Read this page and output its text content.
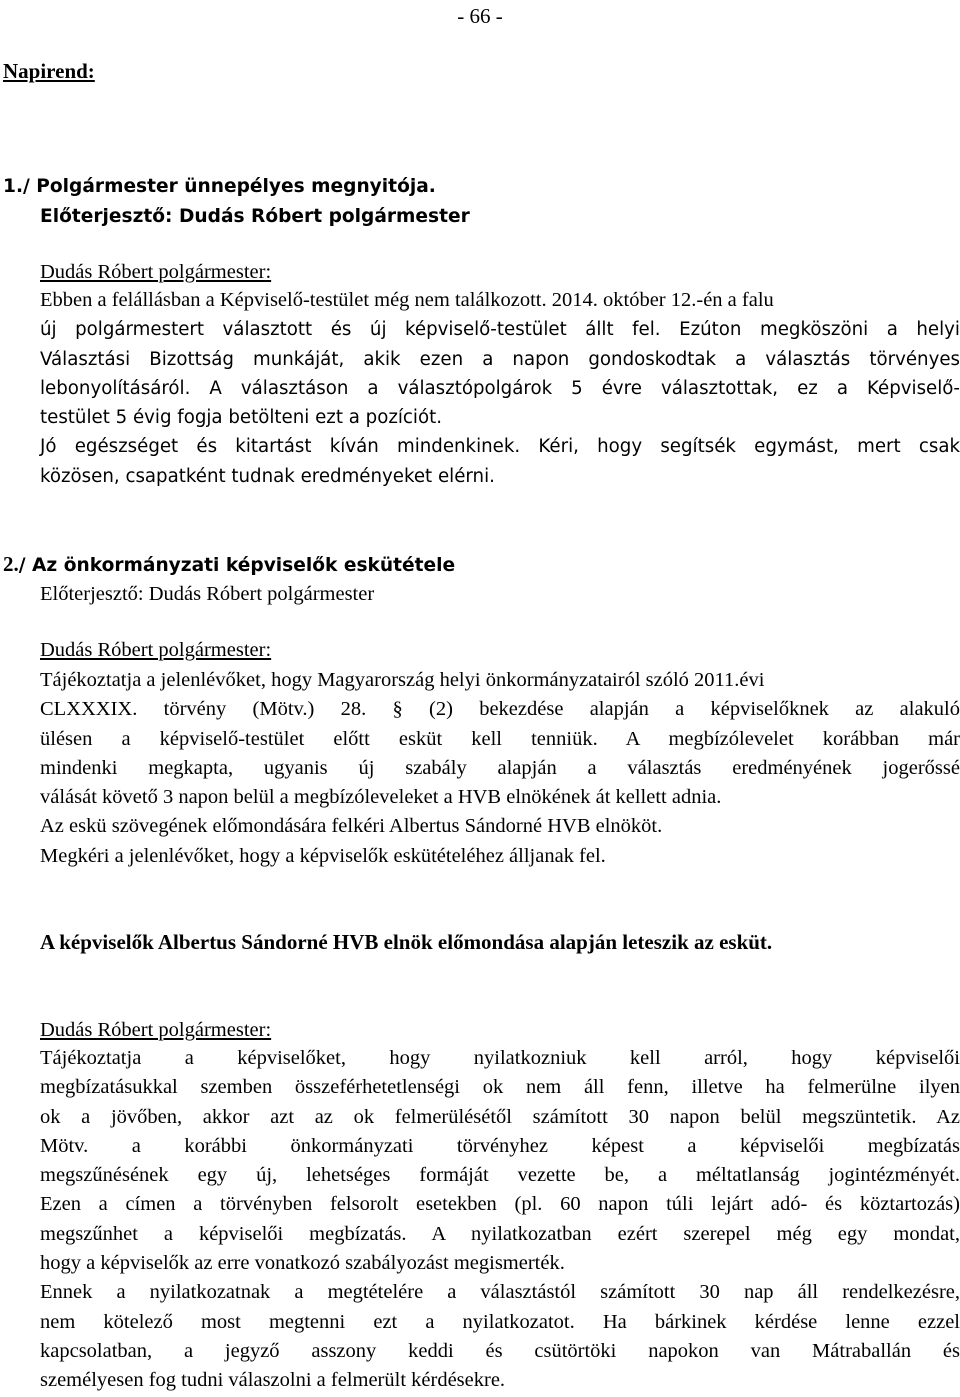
- 66 -
Napirend:
1./ Polgármester ünnepélyes megnyitója.
Előterjesztő: Dudás Róbert polgármester
Dudás Róbert polgármester:
Ebben a felállásban a Képviselő-testület még nem találkozott. 2014. október 12.-én a falu
új polgármestert választott és új képviselő-testület állt fel. Ezúton megköszöni a helyi
Választási Bizottság munkáját, akik ezen a napon gondoskodtak a választás törvényes
lebonyolításáról. A választáson a választópolgárok 5 évre választottak, ez a Képviselő-
testület 5 évig fogja betölteni ezt a pozíciót.
Jó egészséget és kitartást kíván mindenkinek. Kéri, hogy segítsék egymást, mert csak
közösen, csapatként tudnak eredményeket elérni.
2./ Az önkormányzati képviselők eskütétele
Előterjesztő: Dudás Róbert polgármester
Dudás Róbert polgármester:
Tájékoztatja a jelenlévőket, hogy Magyarország helyi önkormányzatairól szóló 2011.évi
CLXXXIX. törvény (Mötv.) 28. § (2) bekezdése alapján a képviselőknek az alakuló
ülésen a képviselő-testület előtt esküt kell tenniük. A megbízólevelet korábban már
mindenki megkapta, ugyanis új szabály alapján a választás eredményének jogerőssé
válását követő 3 napon belül a megbízóleveleket a HVB elnökének át kellett adnia.
Az eskü szövegének előmondására felkéri Albertus Sándorné HVB elnököt.
Megkéri a jelenlévőket, hogy a képviselők eskütételéhez álljanak fel.
A képviselők Albertus Sándorné HVB elnök előmondása alapján leteszik az esküt.
Dudás Róbert polgármester:
Tájékoztatja a képviselőket, hogy nyilatkozniuk kell arról, hogy képviselői
megbízatásukkal szemben összeférhetetlenségi ok nem áll fenn, illetve ha felmerülne ilyen
ok a jövőben, akkor azt az ok felmerülésétől számított 30 napon belül megszüntetik. Az
Mötv. a korábbi önkormányzati törvényhez képest a képviselői megbízatás
megszűnésének egy új, lehetséges formáját vezette be, a méltatlanság jogintézményét.
Ezen a címen a törvényben felsorolt esetekben (pl. 60 napon túli lejárt adó- és köztartozás)
megszűnhet a képviselői megbízatás. A nyilatkozatban ezért szerepel még egy mondat,
hogy a képviselők az erre vonatkozó szabályozást megismerték.
Ennek a nyilatkozatnak a megtételére a választástól számított 30 nap áll rendelkezésre,
nem kötelező most megtenni ezt a nyilatkozatot. Ha bárkinek kérdése lenne ezzel
kapcsolatban, a jegyző asszony keddi és csütörtöki napokon van Mátraballán és
személyesen fog tudni válaszolni a felmerült kérdésekre.
